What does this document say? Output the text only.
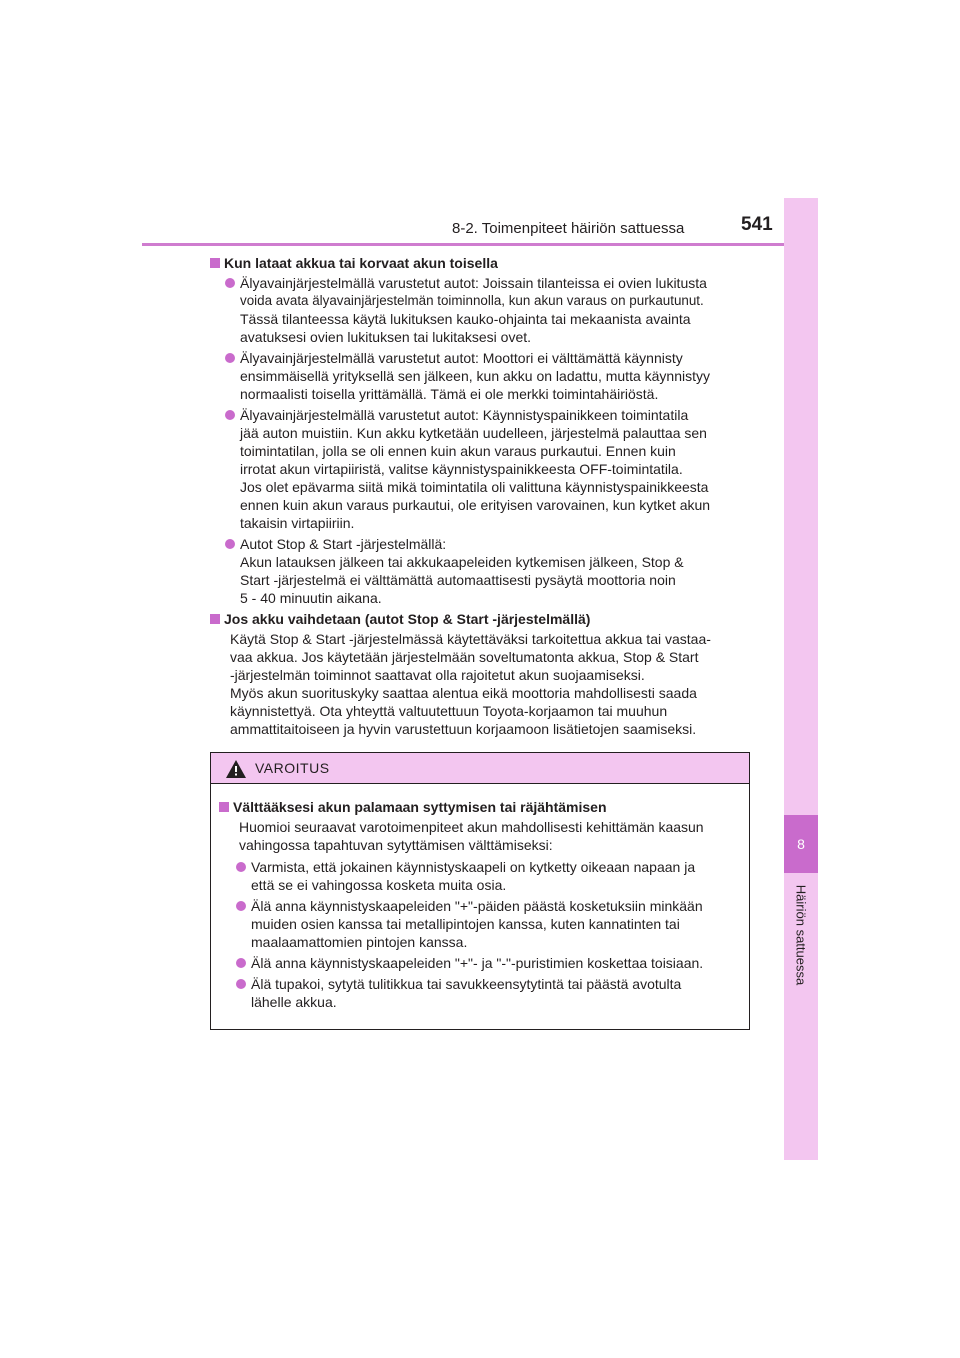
8-2. Toimenpiteet häiriön sattuessa	541
8
Häiriön sattuessa
Kun lataat akkua tai korvaat akun toisella
Älyavainjärjestelmällä varustetut autot: Joissain tilanteissa ei ovien lukitusta
voida avata älyavainjärjestelmän toiminnolla, kun akun varaus on purkautunut.
Tässä tilanteessa käytä lukituksen kauko-ohjainta tai mekaanista avainta
avatuksesi ovien lukituksen tai lukitaksesi ovet.
Älyavainjärjestelmällä varustetut autot: Moottori ei välttämättä käynnisty
ensimmäisellä yrityksellä sen jälkeen, kun akku on ladattu, mutta käynnistyy
normaalisti toisella yrittämällä. Tämä ei ole merkki toimintahäiriöstä.
Älyavainjärjestelmällä varustetut autot: Käynnistyspainikkeen toimintatila
jää auton muistiin. Kun akku kytketään uudelleen, järjestelmä palauttaa sen
toimintatilan, jolla se oli ennen kuin akun varaus purkautui. Ennen kuin
irrotat akun virtapiiristä, valitse käynnistyspainikkeesta OFF-toimintatila.
Jos olet epävarma siitä mikä toimintatila oli valittuna käynnistyspainikkeesta
ennen kuin akun varaus purkautui, ole erityisen varovainen, kun kytket akun
takaisin virtapiiriin.
Autot Stop & Start -järjestelmällä:
Akun latauksen jälkeen tai akkukaapeleiden kytkemisen jälkeen, Stop &
Start -järjestelmä ei välttämättä automaattisesti pysäytä moottoria noin
5 - 40 minuutin aikana.
Jos akku vaihdetaan (autot Stop & Start -järjestelmällä)
Käytä Stop & Start -järjestelmässä käytettäväksi tarkoitettua akkua tai vastaa-
vaa akkua. Jos käytetään järjestelmään soveltumatonta akkua, Stop & Start
-järjestelmän toiminnot saattavat olla rajoitetut akun suojaamiseksi.
Myös akun suorituskyky saattaa alentua eikä moottoria mahdollisesti saada
käynnistettyä. Ota yhteyttä valtuutettuun Toyota-korjaamon tai muuhun
ammattitaitoiseen ja hyvin varustettuun korjaamoon lisätietojen saamiseksi.
VAROITUS
Välttääksesi akun palamaan syttymisen tai räjähtämisen
Huomioi seuraavat varotoimenpiteet akun mahdollisesti kehittämän kaasun
vahingossa tapahtuvan sytyttämisen välttämiseksi:
Varmista, että jokainen käynnistyskaapeli on kytketty oikeaan napaan ja
että se ei vahingossa kosketa muita osia.
Älä anna käynnistyskaapeleiden "+"-päiden päästä kosketuksiin minkään
muiden osien kanssa tai metallipintojen kanssa, kuten kannatinten tai
maalaamattomien pintojen kanssa.
Älä anna käynnistyskaapeleiden "+"- ja "-"-puristimien koskettaa toisiaan.
Älä tupakoi, sytytä tulitikkua tai savukkeensytytintä tai päästä avotulta
lähelle akkua.
